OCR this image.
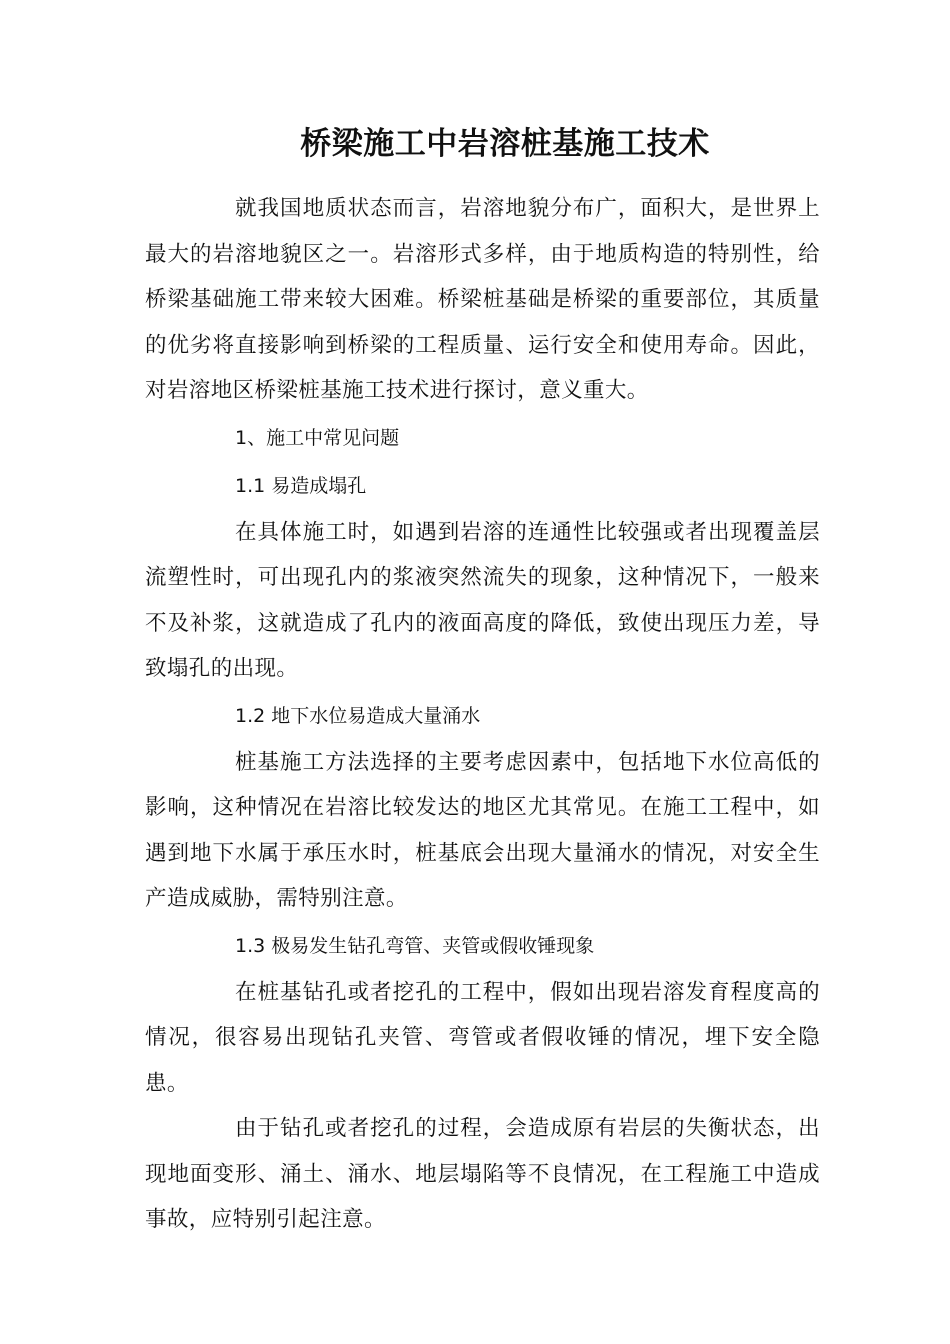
桥梁施工中岩溶桩基施工技术

就我国地质状态而言，岩溶地貌分布广，面积大，是世界上最大的岩溶地貌区之一。岩溶形式多样，由于地质构造的特别性，给桥梁基础施工带来较大困难。桥梁桩基础是桥梁的重要部位，其质量的优劣将直接影响到桥梁的工程质量、运行安全和使用寿命。因此，对岩溶地区桥梁桩基施工技术进行探讨，意义重大。

1、施工中常见问题

1.1 易造成塌孔

在具体施工时，如遇到岩溶的连通性比较强或者出现覆盖层流塑性时，可出现孔内的浆液突然流失的现象，这种情况下，一般来不及补浆，这就造成了孔内的液面高度的降低，致使出现压力差，导致塌孔的出现。

1.2 地下水位易造成大量涌水

桩基施工方法选择的主要考虑因素中，包括地下水位高低的影响，这种情况在岩溶比较发达的地区尤其常见。在施工工程中，如遇到地下水属于承压水时，桩基底会出现大量涌水的情况，对安全生产造成威胁，需特别注意。

1.3 极易发生钻孔弯管、夹管或假收锤现象

在桩基钻孔或者挖孔的工程中，假如出现岩溶发育程度高的情况，很容易出现钻孔夹管、弯管或者假收锤的情况，埋下安全隐患。

由于钻孔或者挖孔的过程，会造成原有岩层的失衡状态，出现地面变形、涌土、涌水、地层塌陷等不良情况，在工程施工中造成事故，应特别引起注意。
